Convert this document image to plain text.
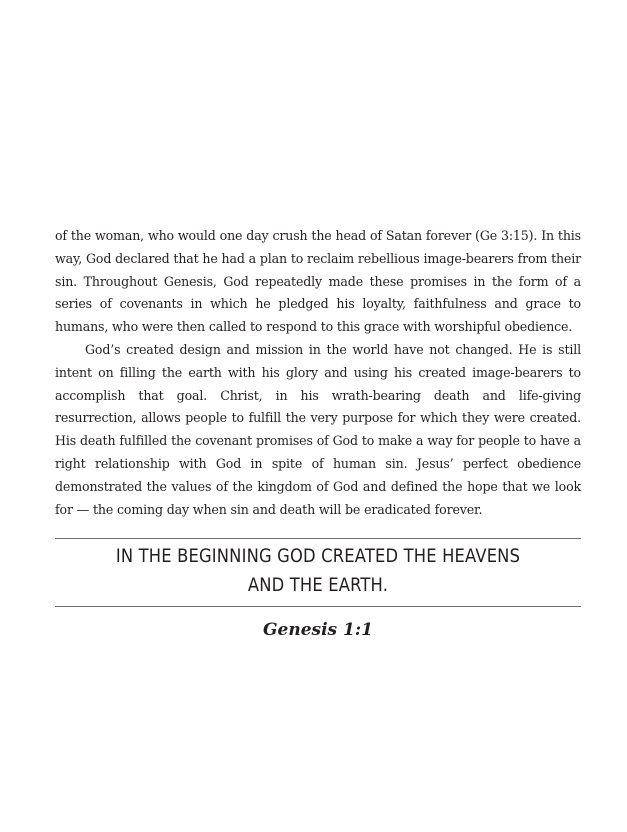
of the woman, who would one day crush the head of Satan forever (Ge 3:15). In this way, God declared that he had a plan to reclaim rebellious image-bearers from their sin. Throughout Genesis, God repeatedly made these promises in the form of a series of covenants in which he pledged his loyalty, faithfulness and grace to humans, who were then called to respond to this grace with worshipful obedience.

God’s created design and mission in the world have not changed. He is still intent on filling the earth with his glory and using his created image-bearers to accomplish that goal. Christ, in his wrath-bearing death and life-giving resurrection, allows people to fulfill the very purpose for which they were created. His death fulfilled the covenant promises of God to make a way for people to have a right relationship with God in spite of human sin. Jesus’ perfect obedience demonstrated the values of the kingdom of God and defined the hope that we look for — the coming day when sin and death will be eradicated forever.

IN THE BEGINNING GOD CREATED THE HEAVENS
AND THE EARTH.
Genesis 1:1
